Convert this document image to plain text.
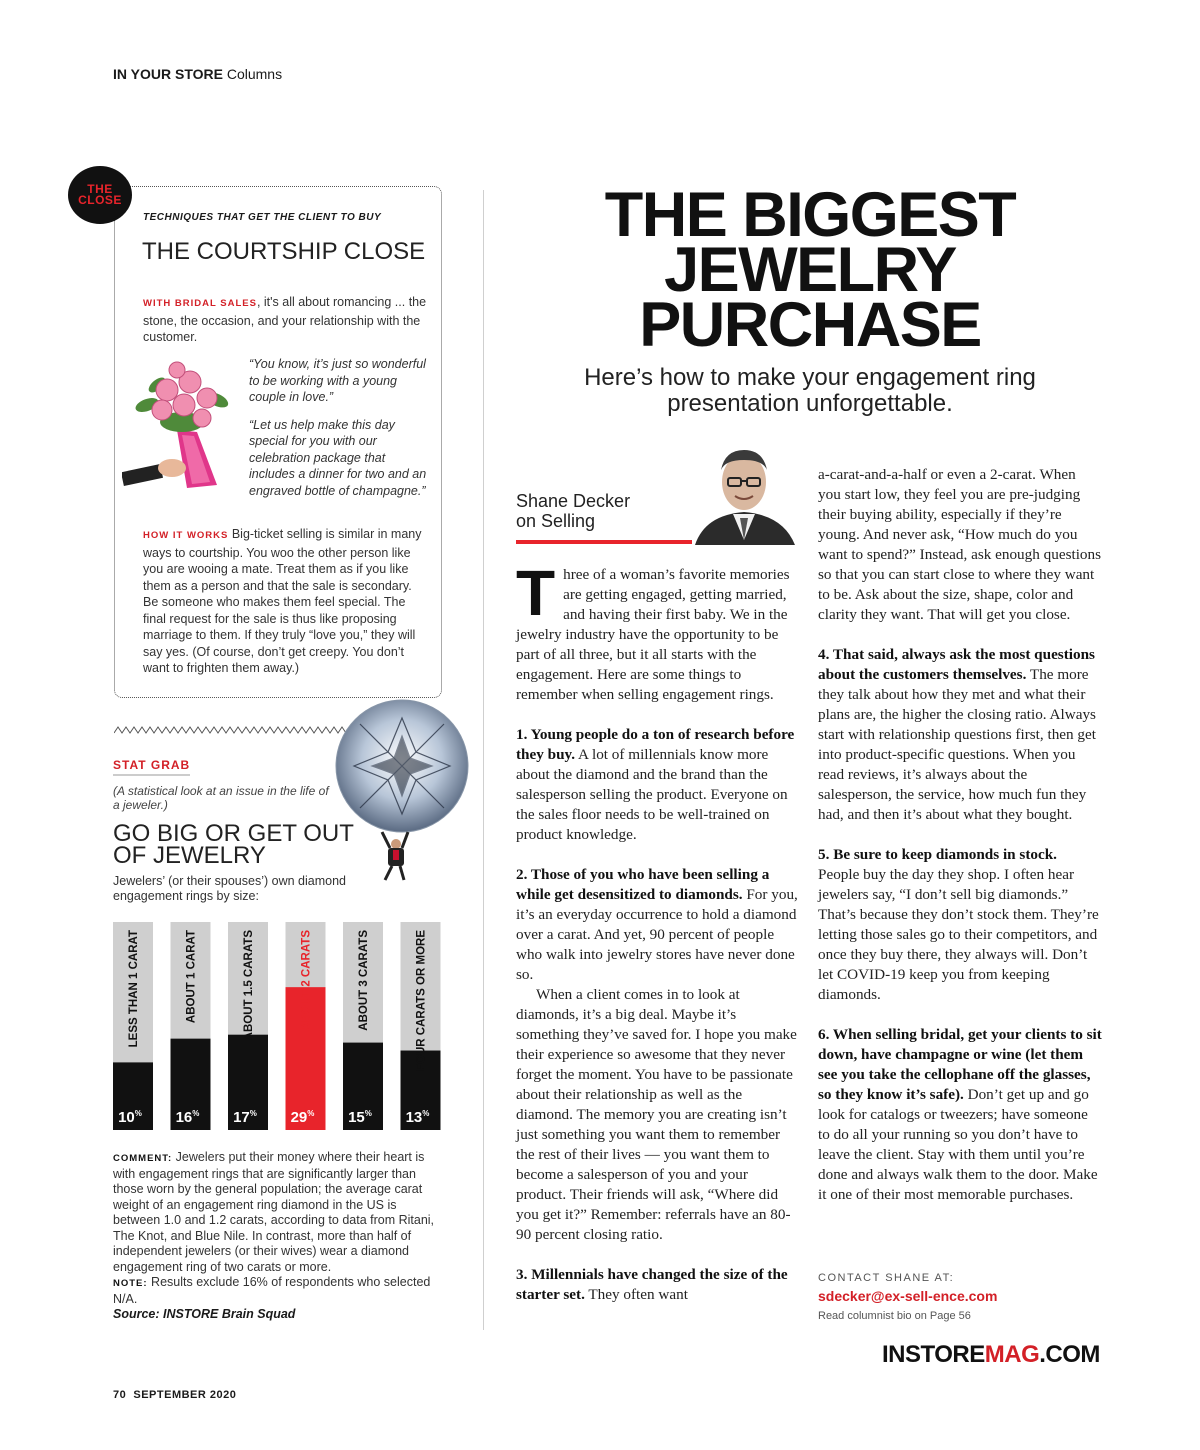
IN YOUR STORE Columns
THE
CLOSE
TECHNIQUES THAT GET THE CLIENT TO BUY
THE COURTSHIP CLOSE
WITH BRIDAL SALES, it's all about romancing ... the stone, the occasion, and your relationship with the customer.

“You know, it’s just so wonderful to be working with a young couple in love.”

“Let us help make this day special for you with our celebration package that includes a dinner for two and an engraved bottle of champagne.”

HOW IT WORKS Big-ticket selling is similar in many ways to courtship. You woo the other person like you are wooing a mate. Treat them as if you like them as a person and that the sale is secondary. Be someone who makes them feel special. The final request for the sale is thus like proposing marriage to them. If they truly “love you,” they will say yes. (Of course, don’t get creepy. You don’t want to frighten them away.)
STAT GRAB
(A statistical look at an issue in the life of a jeweler.)
GO BIG OR GET OUT OF JEWELRY
Jewelers’ (or their spouses’) own diamond engagement rings by size:
10%
LESS THAN 1 CARAT
16%
ABOUT 1 CARAT
17%
ABOUT 1.5 CARATS
29%
ABOUT 2 CARATS
15%
ABOUT 3 CARATS
13%
FOUR CARATS OR MORE
COMMENT: Jewelers put their money where their heart is with engagement rings that are significantly larger than those worn by the general population; the average carat weight of an engagement ring diamond in the US is between 1.0 and 1.2 carats, according to data from Ritani, The Knot, and Blue Nile. In contrast, more than half of independent jewelers (or their wives) wear a diamond engagement ring of two carats or more.
NOTE: Results exclude 16% of respondents who selected N/A.
Source: INSTORE Brain Squad
THE BIGGEST
JEWELRY
PURCHASE
Here’s how to make your engagement ring presentation unforgettable.
Shane Decker
on Selling

Three of a woman’s favorite memories are getting engaged, getting married, and having their first baby. We in the jewelry industry have the opportunity to be part of all three, but it all starts with the engagement. Here are some things to remember when selling engagement rings.

1. Young people do a ton of research before they buy. A lot of millennials know more about the diamond and the brand than the salesperson selling the product. Everyone on the sales floor needs to be well-trained on product knowledge.

2. Those of you who have been selling a while get desensitized to diamonds. For you, it’s an everyday occurrence to hold a diamond over a carat. And yet, 90 percent of people who walk into jewelry stores have never done so.

When a client comes in to look at diamonds, it’s a big deal. Maybe it’s something they’ve saved for. I hope you make their experience so awesome that they never forget the moment. You have to be passionate about their relationship as well as the diamond. The memory you are creating isn’t just something you want them to remember the rest of their lives — you want them to become a salesperson of you and your product. Their friends will ask, “Where did you get it?” Remember: referrals have an 80-90 percent closing ratio.

3. Millennials have changed the size of the starter set. They often want

a-carat-and-a-half or even a 2-carat. When you start low, they feel you are pre-judging their buying ability, especially if they’re young. And never ask, “How much do you want to spend?” Instead, ask enough questions so that you can start close to where they want to be. Ask about the size, shape, color and clarity they want. That will get you close.

4. That said, always ask the most questions about the customers themselves. The more they talk about how they met and what their plans are, the higher the closing ratio. Always start with relationship questions first, then get into product-specific questions. When you read reviews, it’s always about the salesperson, the service, how much fun they had, and then it’s about what they bought.

5. Be sure to keep diamonds in stock. People buy the day they shop. I often hear jewelers say, “I don’t sell big diamonds.” That’s because they don’t stock them. They’re letting those sales go to their competitors, and once they buy there, they always will. Don’t let COVID-19 keep you from keeping diamonds.

6. When selling bridal, get your clients to sit down, have champagne or wine (let them see you take the cellophane off the glasses, so they know it’s safe). Don’t get up and go look for catalogs or tweezers; have someone to do all your running so you don’t have to leave the client. Stay with them until you’re done and always walk them to the door. Make it one of their most memorable purchases.

CONTACT SHANE AT:
sdecker@ex-sell-ence.com
Read columnist bio on Page 56
70 SEPTEMBER 2020
INSTOREMAG.COM
